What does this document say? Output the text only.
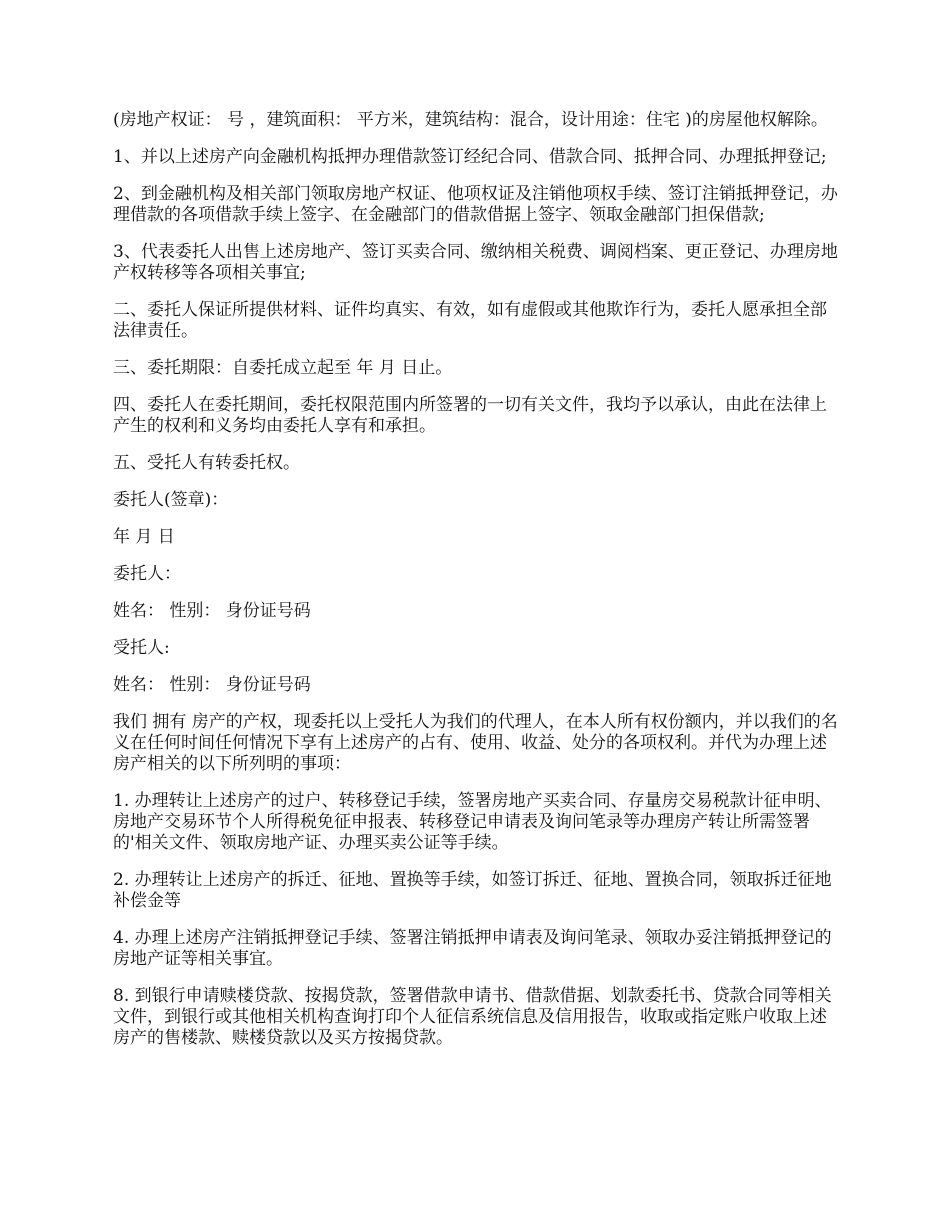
(房地产权证： 号 ，建筑面积： 平方米，建筑结构：混合，设计用途：住宅 )的房屋他权解除。

1、并以上述房产向金融机构抵押办理借款签订经纪合同、借款合同、抵押合同、办理抵押登记;

2、到金融机构及相关部门领取房地产权证、他项权证及注销他项权手续、签订注销抵押登记，办理借款的各项借款手续上签字、在金融部门的借款借据上签字、领取金融部门担保借款;

3、代表委托人出售上述房地产、签订买卖合同、缴纳相关税费、调阅档案、更正登记、办理房地产权转移等各项相关事宜;

二、委托人保证所提供材料、证件均真实、有效，如有虚假或其他欺诈行为，委托人愿承担全部法律责任。

三、委托期限：自委托成立起至 年 月 日止。

四、委托人在委托期间，委托权限范围内所签署的一切有关文件，我均予以承认，由此在法律上产生的权利和义务均由委托人享有和承担。

五、受托人有转委托权。

委托人(签章)：

年 月 日

委托人：

姓名： 性别： 身份证号码

受托人:

姓名： 性别： 身份证号码

我们 拥有 房产的产权，现委托以上受托人为我们的代理人，在本人所有权份额内，并以我们的名义在任何时间任何情况下享有上述房产的占有、使用、收益、处分的各项权利。并代为办理上述房产相关的以下所列明的事项：

1. 办理转让上述房产的过户、转移登记手续，签署房地产买卖合同、存量房交易税款计征申明、房地产交易环节个人所得税免征申报表、转移登记申请表及询问笔录等办理房产转让所需签署的'相关文件、领取房地产证、办理买卖公证等手续。

2. 办理转让上述房产的拆迁、征地、置换等手续，如签订拆迁、征地、置换合同，领取拆迁征地补偿金等

4. 办理上述房产注销抵押登记手续、签署注销抵押申请表及询问笔录、领取办妥注销抵押登记的房地产证等相关事宜。

8. 到银行申请赎楼贷款、按揭贷款，签署借款申请书、借款借据、划款委托书、贷款合同等相关文件，到银行或其他相关机构查询打印个人征信系统信息及信用报告，收取或指定账户收取上述房产的售楼款、赎楼贷款以及买方按揭贷款。
